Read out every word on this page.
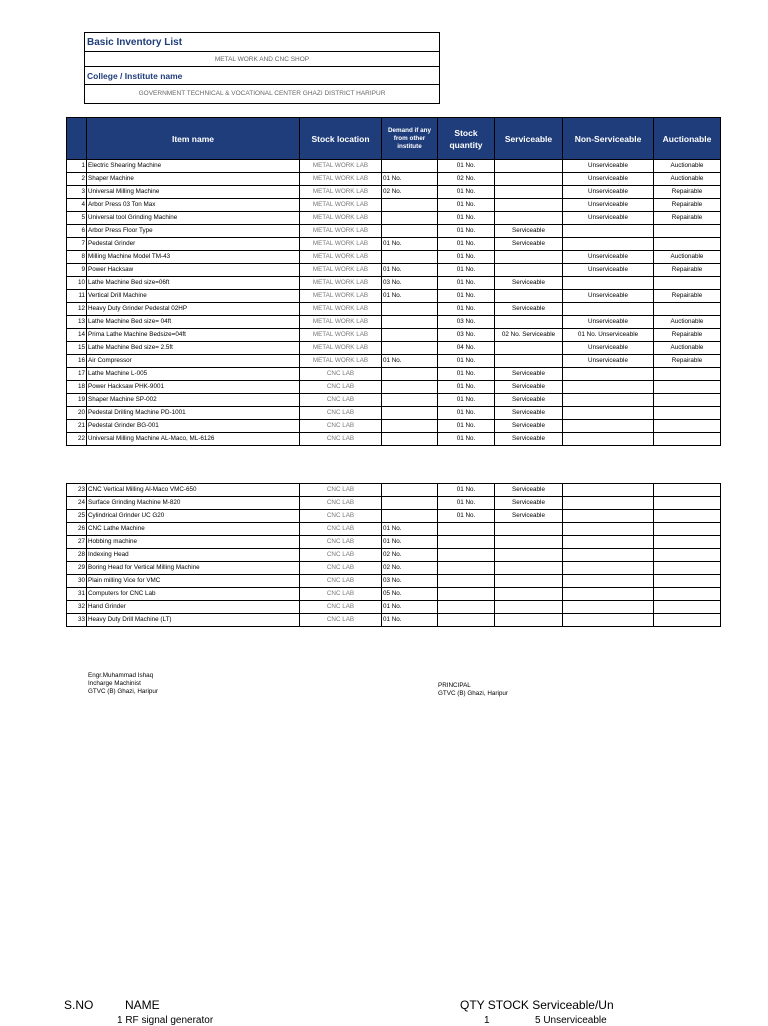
Basic Inventory List
METAL WORK AND CNC SHOP
College / Institute name
GOVERNMENT TECHNICAL & VOCATIONAL CENTER GHAZI DISTRICT HARIPUR
	Item name	Stock location	Demand if any from other institute	Stock quantity	Serviceable	Non-Serviceable	Auctionable
1	Electric Shearing Machine	METAL WORK LAB		01 No.		Unserviceable	Auctionable
2	Shaper Machine	METAL WORK LAB	01 No.	02 No.		Unserviceable	Auctionable
3	Universal Milling Machine	METAL WORK LAB	02 No.	01 No.		Unserviceable	Repairable
4	Arbor Press 03 Ton Max	METAL WORK LAB		01 No.		Unserviceable	Repairable
5	Universal tool Grinding Machine	METAL WORK LAB		01 No.		Unserviceable	Repairable
6	Arbor Press Floor Type	METAL WORK LAB		01 No.	Serviceable		
7	Pedestal Grinder	METAL WORK LAB	01 No.	01 No.	Serviceable		
8	Milling Machine Model TM-43	METAL WORK LAB		01 No.		Unserviceable	Auctionable
9	Power Hacksaw	METAL WORK LAB	01 No.	01 No.		Unserviceable	Repairable
10	Lathe Machine Bed size=06ft	METAL WORK LAB	03 No.	01 No.	Serviceable		
11	Vertical Drill Machine	METAL WORK LAB	01 No.	01 No.		Unserviceable	Repairable
12	Heavy Duty Grinder Pedestal 02HP	METAL WORK LAB		01 No.	Serviceable		
13	Lathe Machine Bed size= 04ft	METAL WORK LAB		03 No.		Unserviceable	Auctionable
14	Prima Lathe Machine Bedsize=04ft	METAL WORK LAB		03 No.	02 No. Serviceable	01 No. Unserviceable	Repairable
15	Lathe Machine Bed size= 2.5ft	METAL WORK LAB		04 No.		Unserviceable	Auctionable
16	Air Compressor	METAL WORK LAB	01 No.	01 No.		Unserviceable	Repairable
17	Lathe Machine L-005	CNC LAB		01 No.	Serviceable		
18	Power Hacksaw PHK-9001	CNC LAB		01 No.	Serviceable		
19	Shaper Machine SP-002	CNC LAB		01 No.	Serviceable		
20	Pedestal Drilling Machine PD-1001	CNC LAB		01 No.	Serviceable		
21	Pedestal Grinder BG-001	CNC LAB		01 No.	Serviceable		
22	Universal Milling Machine AL-Maco, ML-6126	CNC LAB		01 No.	Serviceable		
23	CNC Vertical Milling Al-Maco VMC-650	CNC LAB		01 No.	Serviceable		
24	Surface Grinding Machine M-820	CNC LAB		01 No.	Serviceable		
25	Cylindrical Grinder UC G20	CNC LAB		01 No.	Serviceable		
26	CNC Lathe Machine	CNC LAB	01 No.				
27	Hobbing machine	CNC LAB	01 No.				
28	Indexing Head	CNC LAB	02 No.				
29	Boring Head for Vertical Milling Machine	CNC LAB	02 No.				
30	Plain milling Vice for VMC	CNC LAB	03 No.				
31	Computers for CNC Lab	CNC LAB	05 No.				
32	Hand Grinder	CNC LAB	01 No.				
33	Heavy Duty Drill Machine (LT)	CNC LAB	01 No.				
Engr.Muhammad Ishaq
Incharge Machinist
GTVC (B) Ghazi, Haripur
PRINCIPAL
GTVC (B) Ghazi, Haripur
S.NO	NAME	QTY STOCK Serviceable/Un
1 RF signal generator	1	5 Unserviceable
